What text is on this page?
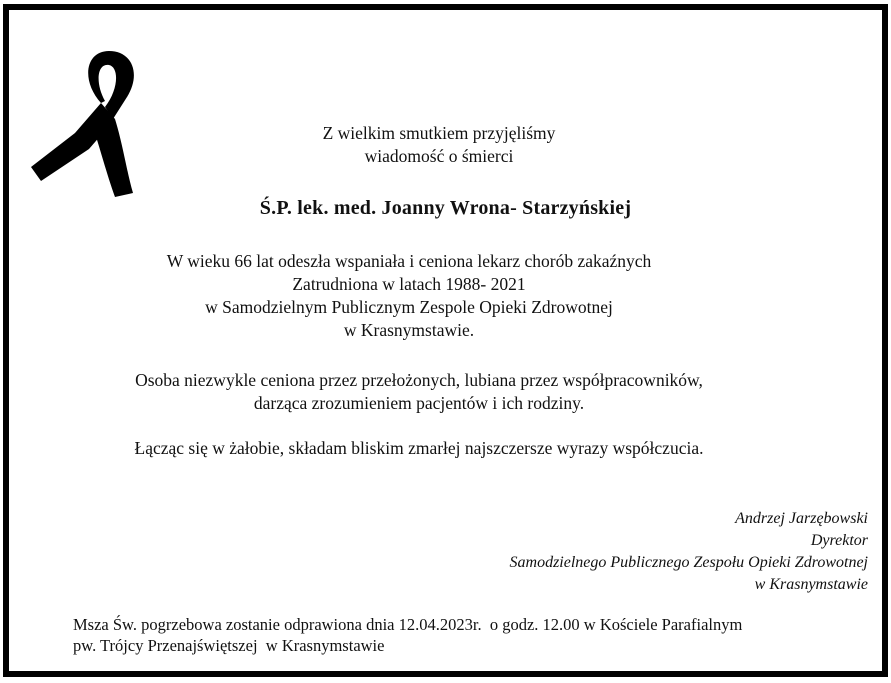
Z wielkim smutkiem przyjęliśmy
wiadomość o śmierci
Ś.P. lek. med. Joanny Wrona- Starzyńskiej
W wieku 66 lat odeszła wspaniała i ceniona lekarz chorób zakaźnych
Zatrudniona w latach 1988- 2021
w Samodzielnym Publicznym Zespole Opieki Zdrowotnej
w Krasnymstawie.
Osoba niezwykle ceniona przez przełożonych, lubiana przez współpracowników,
darząca zrozumieniem pacjentów i ich rodziny.
Łącząc się w żałobie, składam bliskim zmarłej najszczersze wyrazy współczucia.
Andrzej Jarzębowski
Dyrektor
Samodzielnego Publicznego Zespołu Opieki Zdrowotnej
w Krasnymstawie
Msza Św. pogrzebowa zostanie odprawiona dnia 12.04.2023r.  o godz. 12.00 w Kościele Parafialnym
pw. Trójcy Przenajświętszej  w Krasnymstawie
